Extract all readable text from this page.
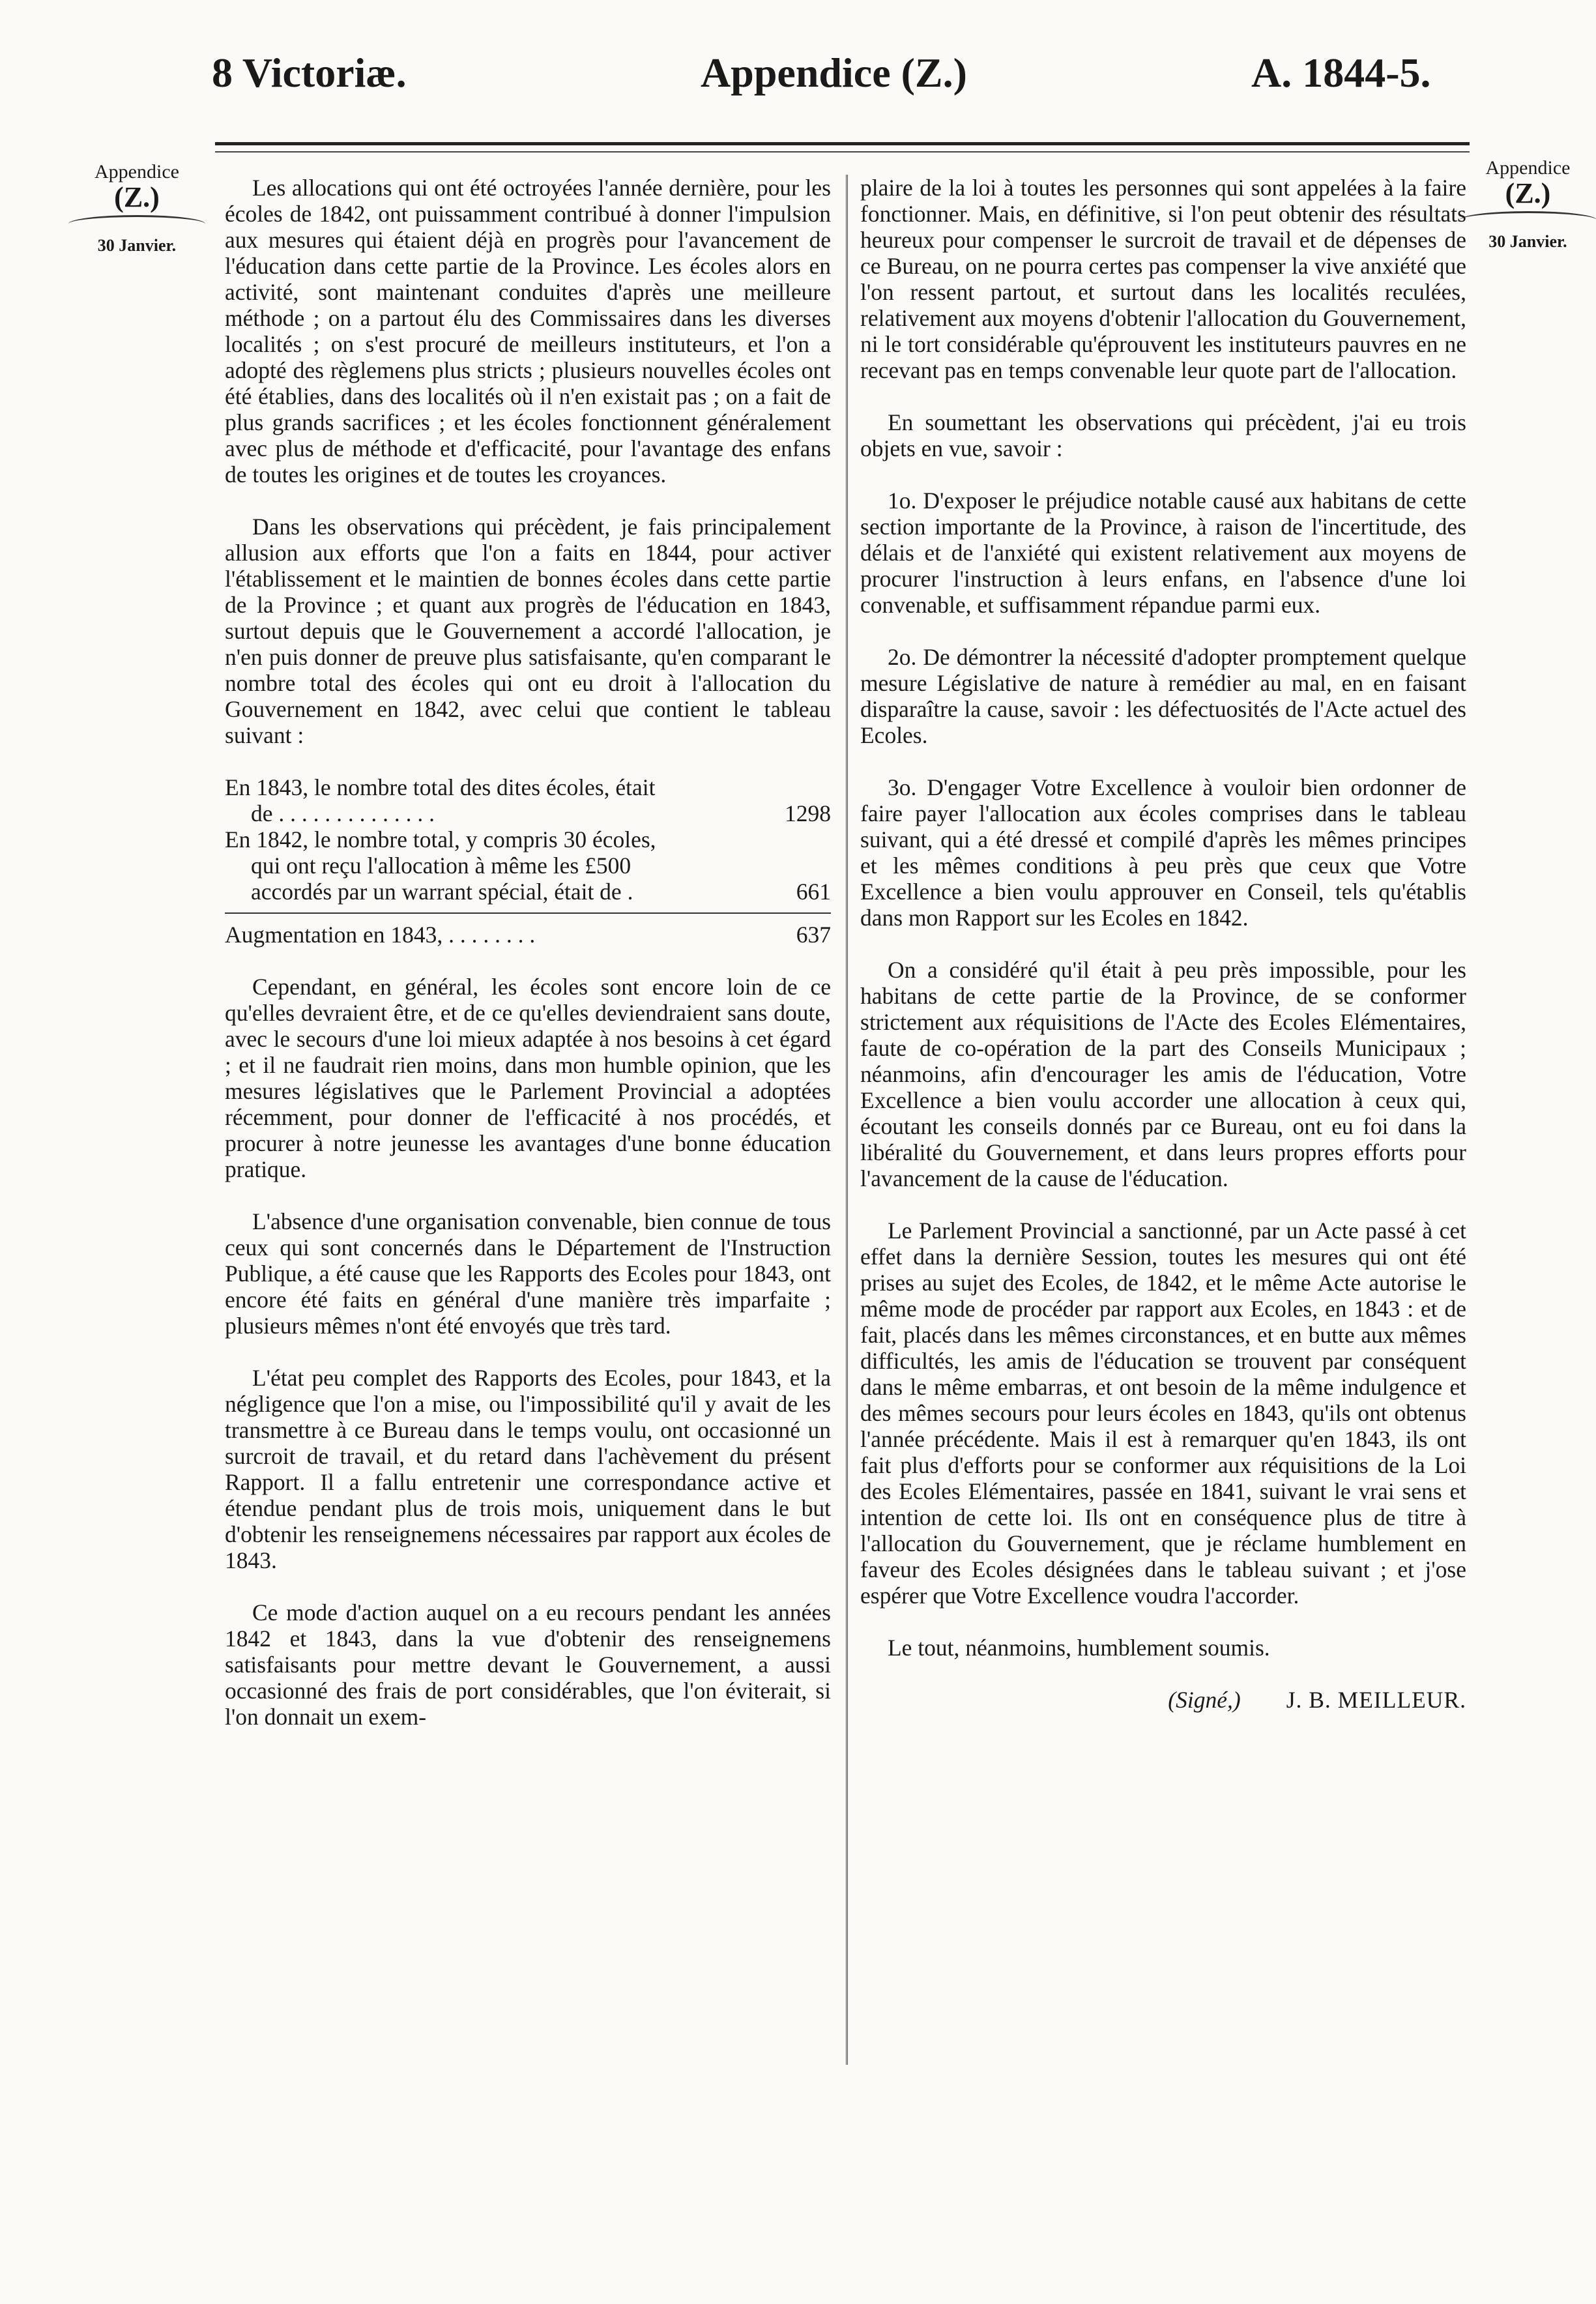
8 Victoriæ.	Appendice (Z.)	A. 1844-5.
Appendice
(Z.)
30 Janvier.
Appendice
(Z.)
30 Janvier.

Les allocations qui ont été octroyées l'année dernière, pour les écoles de 1842, ont puissamment contribué à donner l'impulsion aux mesures qui étaient déjà en progrès pour l'avancement de l'éducation dans cette partie de la Province. Les écoles alors en activité, sont maintenant conduites d'après une meilleure méthode ; on a partout élu des Commissaires dans les diverses localités ; on s'est procuré de meilleurs instituteurs, et l'on a adopté des règlemens plus stricts ; plusieurs nouvelles écoles ont été établies, dans des localités où il n'en existait pas ; on a fait de plus grands sacrifices ; et les écoles fonctionnent généralement avec plus de méthode et d'efficacité, pour l'avantage des enfans de toutes les origines et de toutes les croyances.

Dans les observations qui précèdent, je fais principalement allusion aux efforts que l'on a faits en 1844, pour activer l'établissement et le maintien de bonnes écoles dans cette partie de la Province ; et quant aux progrès de l'éducation en 1843, surtout depuis que le Gouvernement a accordé l'allocation, je n'en puis donner de preuve plus satisfaisante, qu'en comparant le nombre total des écoles qui ont eu droit à l'allocation du Gouvernement en 1842, avec celui que contient le tableau suivant :

En 1843, le nombre total des dites écoles, était
de . . . . . . . . . . . . . .	1298
En 1842, le nombre total, y compris 30 écoles,
qui ont reçu l'allocation à même les £500
accordés par un warrant spécial, était de .	661
Augmentation en 1843, . . . . . . . .	637

Cependant, en général, les écoles sont encore loin de ce qu'elles devraient être, et de ce qu'elles deviendraient sans doute, avec le secours d'une loi mieux adaptée à nos besoins à cet égard ; et il ne faudrait rien moins, dans mon humble opinion, que les mesures législatives que le Parlement Provincial a adoptées récemment, pour donner de l'efficacité à nos procédés, et procurer à notre jeunesse les avantages d'une bonne éducation pratique.

L'absence d'une organisation convenable, bien connue de tous ceux qui sont concernés dans le Département de l'Instruction Publique, a été cause que les Rapports des Ecoles pour 1843, ont encore été faits en général d'une manière très imparfaite ; plusieurs mêmes n'ont été envoyés que très tard.

L'état peu complet des Rapports des Ecoles, pour 1843, et la négligence que l'on a mise, ou l'impossibilité qu'il y avait de les transmettre à ce Bureau dans le temps voulu, ont occasionné un surcroit de travail, et du retard dans l'achèvement du présent Rapport. Il a fallu entretenir une correspondance active et étendue pendant plus de trois mois, uniquement dans le but d'obtenir les renseignemens nécessaires par rapport aux écoles de 1843.

Ce mode d'action auquel on a eu recours pendant les années 1842 et 1843, dans la vue d'obtenir des renseignemens satisfaisants pour mettre devant le Gouvernement, a aussi occasionné des frais de port considérables, que l'on éviterait, si l'on donnait un exem-

plaire de la loi à toutes les personnes qui sont appelées à la faire fonctionner. Mais, en définitive, si l'on peut obtenir des résultats heureux pour compenser le surcroit de travail et de dépenses de ce Bureau, on ne pourra certes pas compenser la vive anxiété que l'on ressent partout, et surtout dans les localités reculées, relativement aux moyens d'obtenir l'allocation du Gouvernement, ni le tort considérable qu'éprouvent les instituteurs pauvres en ne recevant pas en temps convenable leur quote part de l'allocation.

En soumettant les observations qui précèdent, j'ai eu trois objets en vue, savoir :

1o. D'exposer le préjudice notable causé aux habitans de cette section importante de la Province, à raison de l'incertitude, des délais et de l'anxiété qui existent relativement aux moyens de procurer l'instruction à leurs enfans, en l'absence d'une loi convenable, et suffisamment répandue parmi eux.

2o. De démontrer la nécessité d'adopter promptement quelque mesure Législative de nature à remédier au mal, en en faisant disparaître la cause, savoir : les défectuosités de l'Acte actuel des Ecoles.

3o. D'engager Votre Excellence à vouloir bien ordonner de faire payer l'allocation aux écoles comprises dans le tableau suivant, qui a été dressé et compilé d'après les mêmes principes et les mêmes conditions à peu près que ceux que Votre Excellence a bien voulu approuver en Conseil, tels qu'établis dans mon Rapport sur les Ecoles en 1842.

On a considéré qu'il était à peu près impossible, pour les habitans de cette partie de la Province, de se conformer strictement aux réquisitions de l'Acte des Ecoles Elémentaires, faute de co-opération de la part des Conseils Municipaux ; néanmoins, afin d'encourager les amis de l'éducation, Votre Excellence a bien voulu accorder une allocation à ceux qui, écoutant les conseils donnés par ce Bureau, ont eu foi dans la libéralité du Gouvernement, et dans leurs propres efforts pour l'avancement de la cause de l'éducation.

Le Parlement Provincial a sanctionné, par un Acte passé à cet effet dans la dernière Session, toutes les mesures qui ont été prises au sujet des Ecoles, de 1842, et le même Acte autorise le même mode de procéder par rapport aux Ecoles, en 1843 : et de fait, placés dans les mêmes circonstances, et en butte aux mêmes difficultés, les amis de l'éducation se trouvent par conséquent dans le même embarras, et ont besoin de la même indulgence et des mêmes secours pour leurs écoles en 1843, qu'ils ont obtenus l'année précédente. Mais il est à remarquer qu'en 1843, ils ont fait plus d'efforts pour se conformer aux réquisitions de la Loi des Ecoles Elémentaires, passée en 1841, suivant le vrai sens et intention de cette loi. Ils ont en conséquence plus de titre à l'allocation du Gouvernement, que je réclame humblement en faveur des Ecoles désignées dans le tableau suivant ; et j'ose espérer que Votre Excellence voudra l'accorder.

Le tout, néanmoins, humblement soumis.

(Signé,) J. B. MEILLEUR.
